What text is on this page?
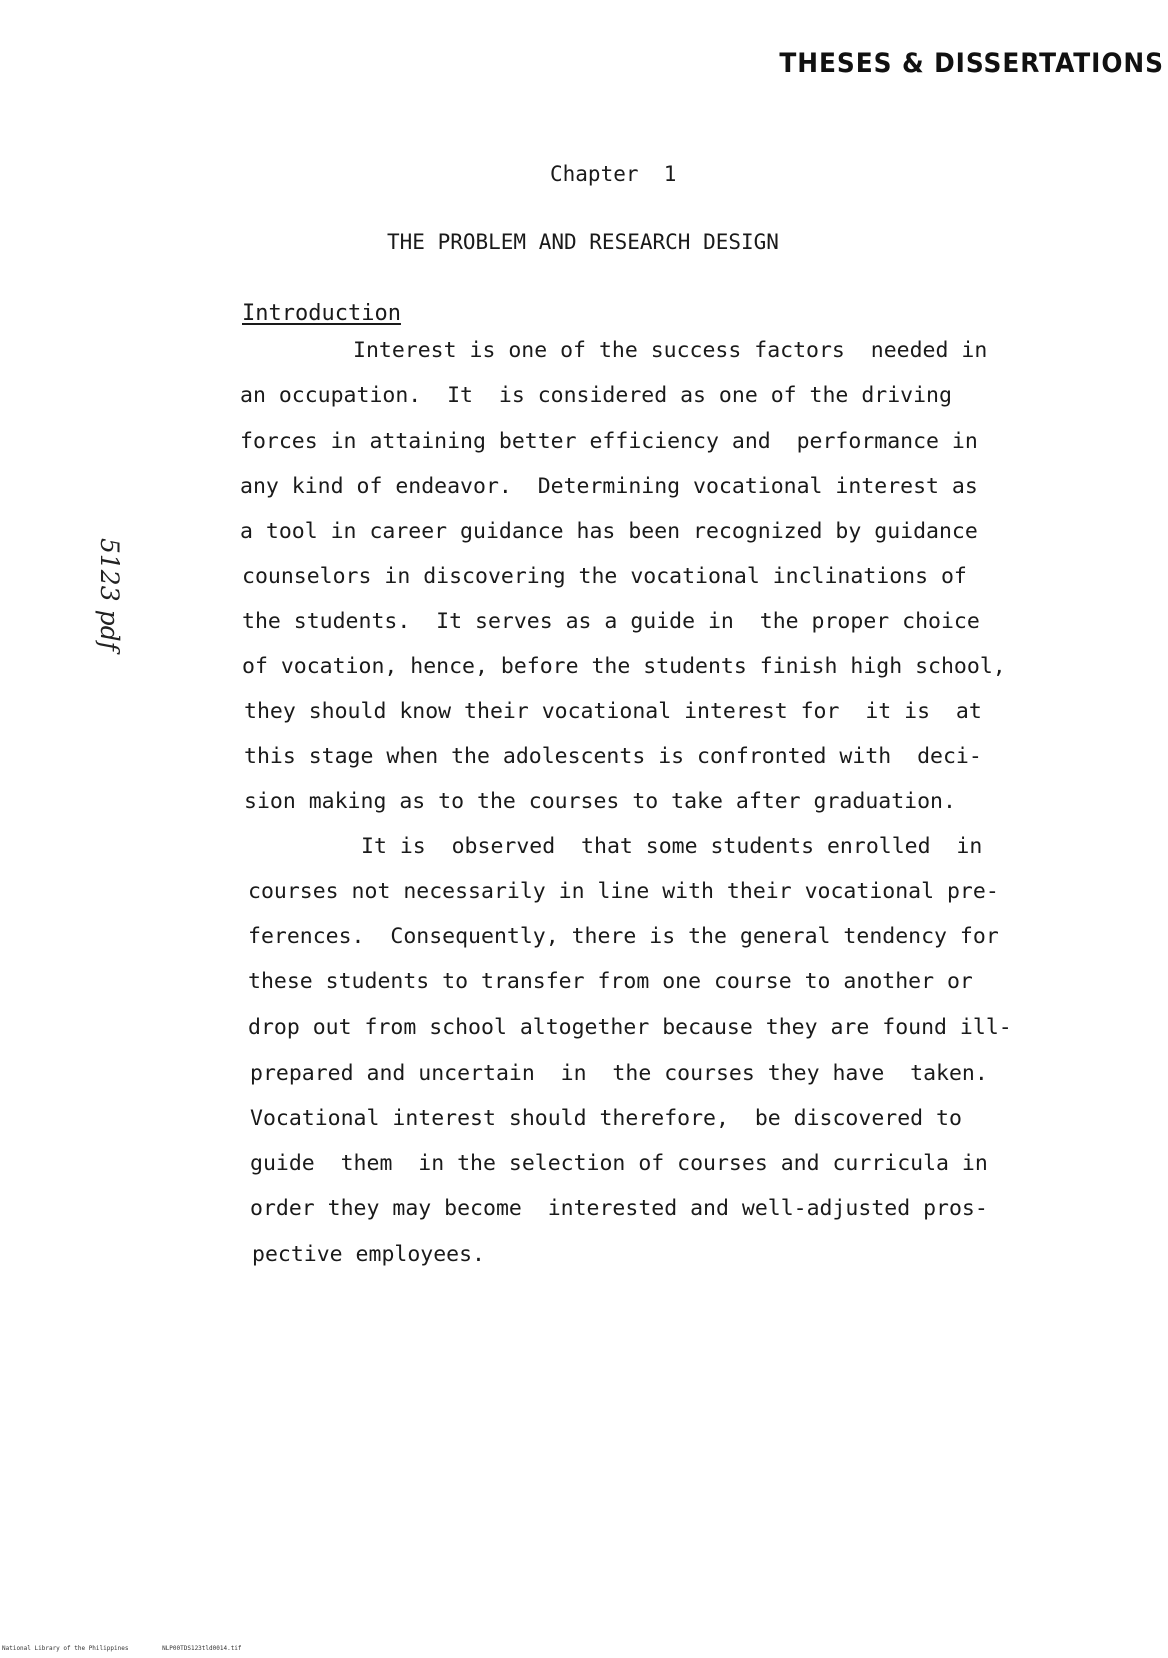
THESES & DISSERTATIONS
Chapter  1
THE PROBLEM AND RESEARCH DESIGN
Introduction
5123 pdf
Interest is one of the success factors  needed in
an occupation.  It  is considered as one of the driving
forces in attaining better efficiency and  performance in
any kind of endeavor.  Determining vocational interest as
a tool in career guidance has been recognized by guidance
counselors in discovering the vocational inclinations of
the students.  It serves as a guide in  the proper choice
of vocation, hence, before the students finish high school,
they should know their vocational interest for  it is  at
this stage when the adolescents is confronted with  deci-
sion making as to the courses to take after graduation.
It is  observed  that some students enrolled  in
courses not necessarily in line with their vocational pre-
ferences.  Consequently, there is the general tendency for
these students to transfer from one course to another or
drop out from school altogether because they are found ill-
prepared and uncertain  in  the courses they have  taken.
Vocational interest should therefore,  be discovered to
guide  them  in the selection of courses and curricula in
order they may become  interested and well-adjusted pros-
pective employees.
National Library of the Philippines	NLP00TDS123tld0014.tif
